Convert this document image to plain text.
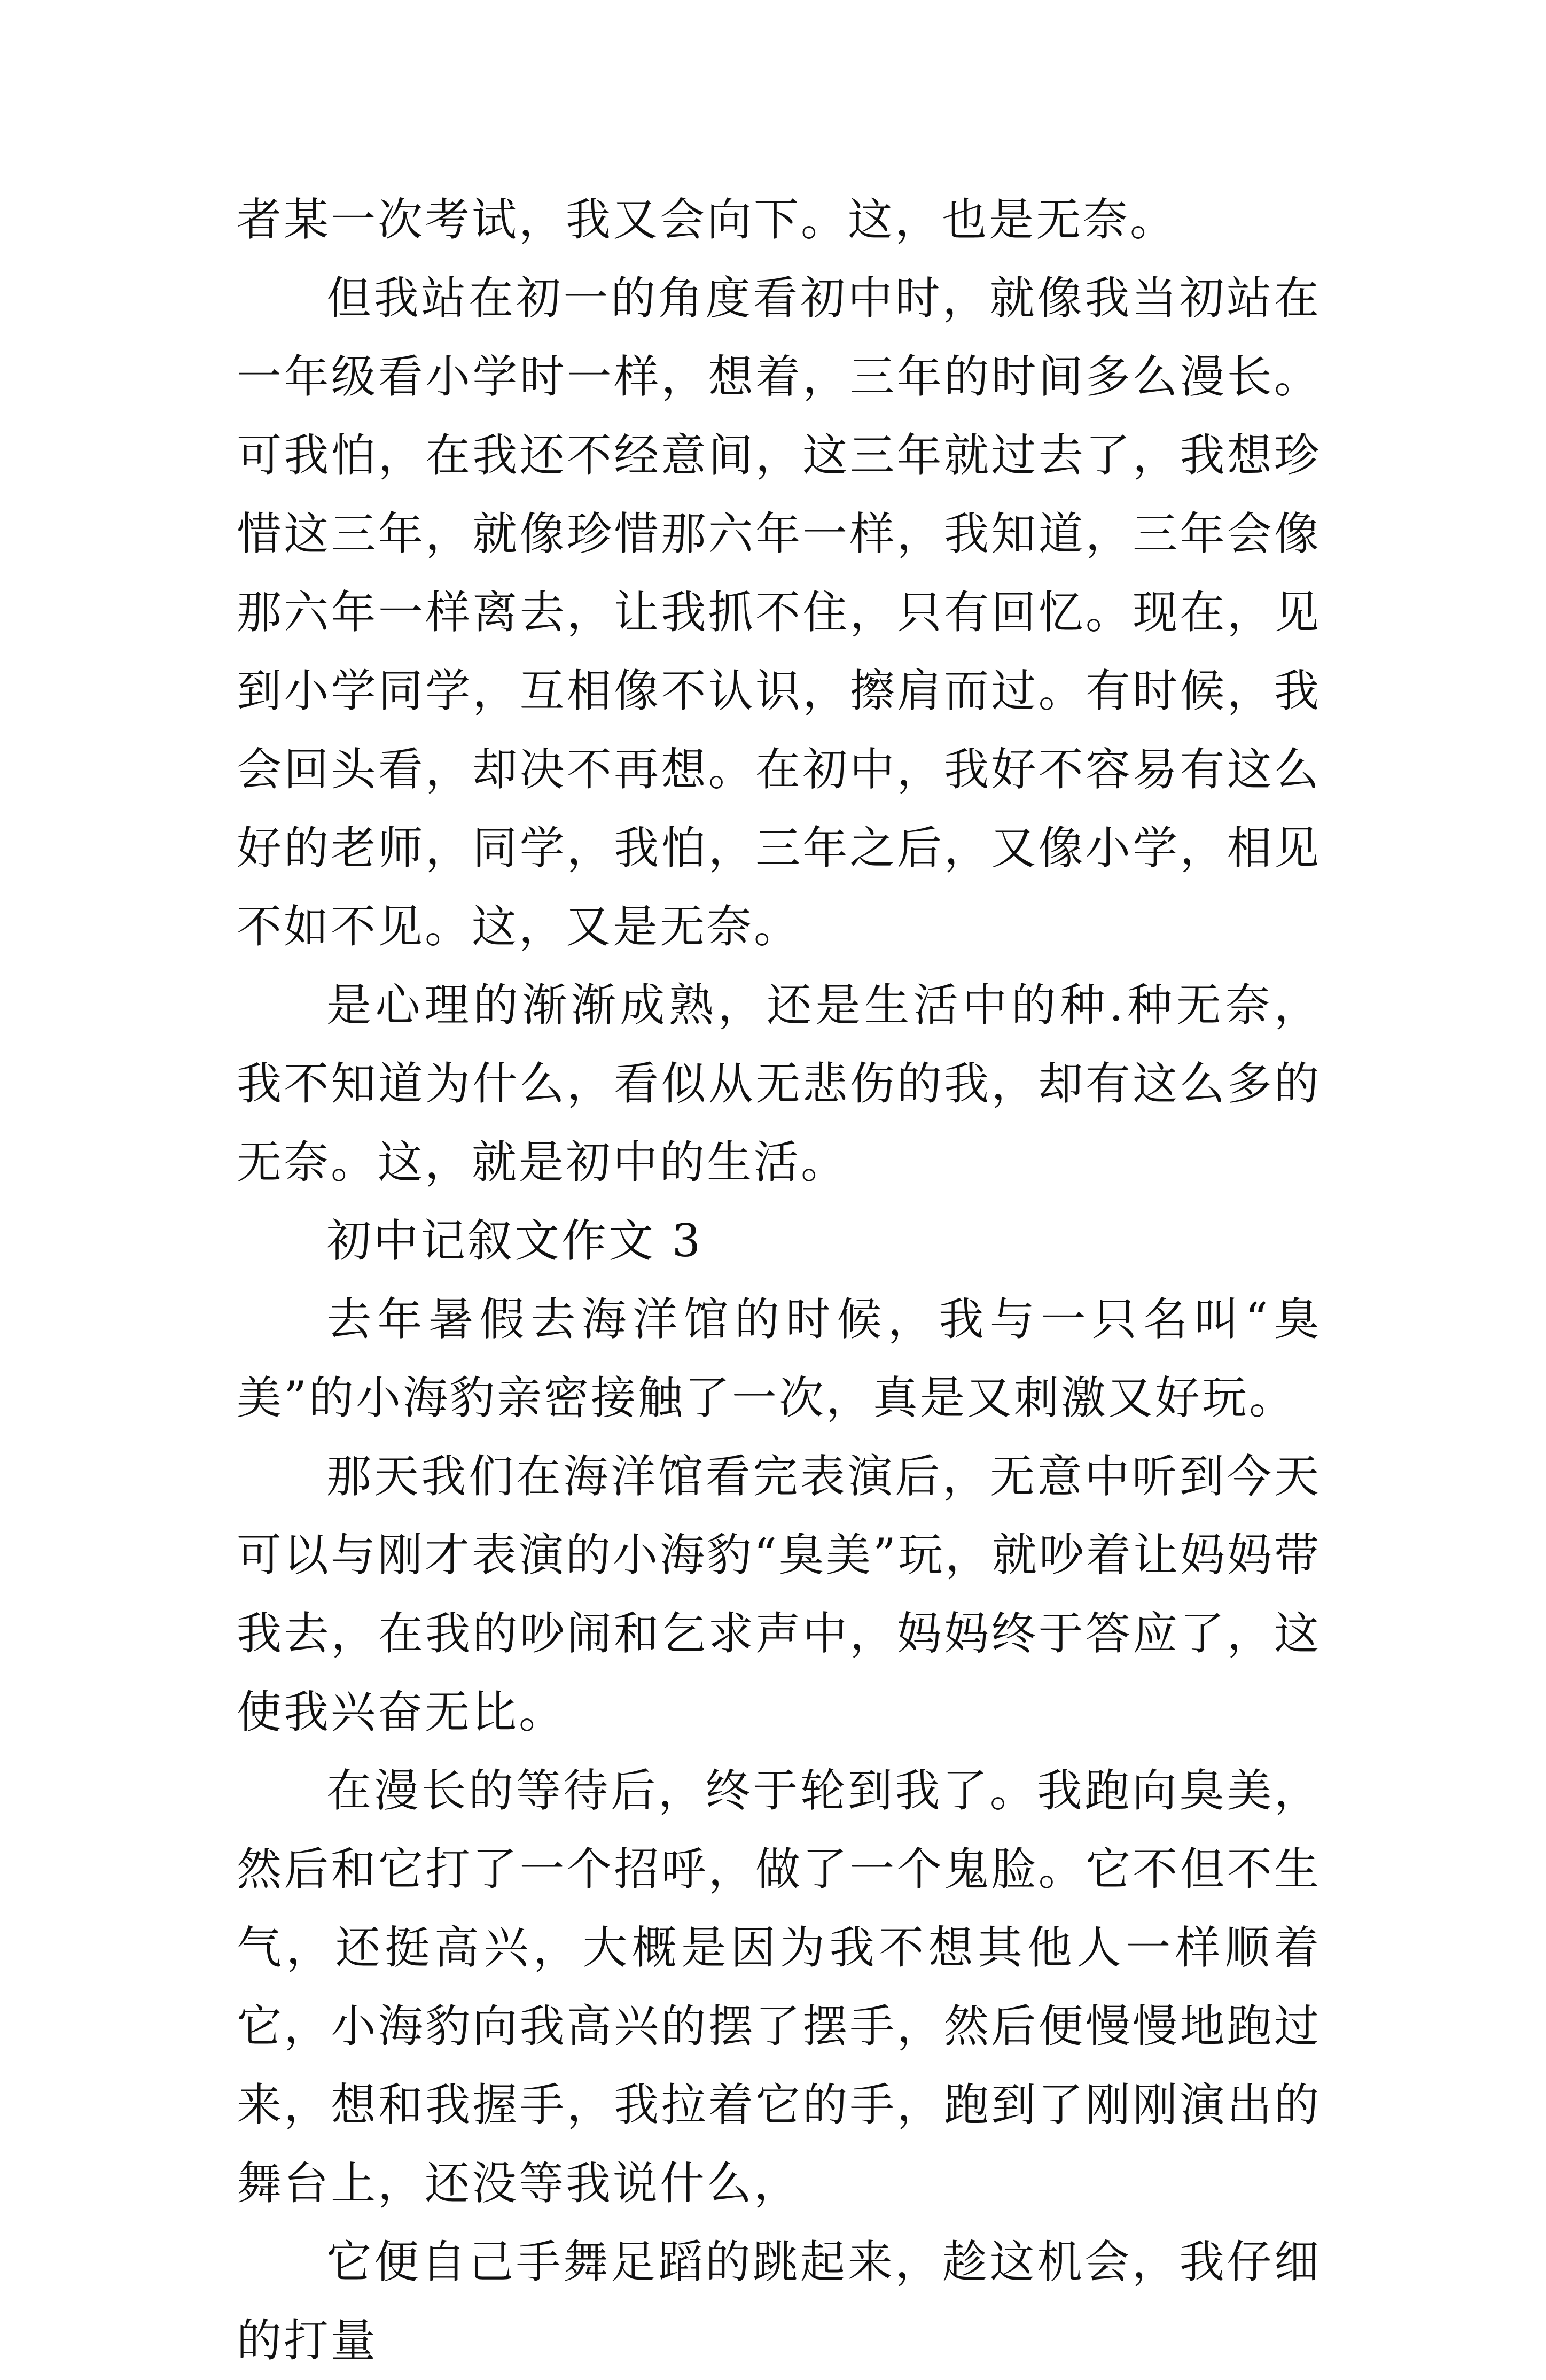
者某一次考试，我又会向下。这，也是无奈。

但我站在初一的角度看初中时，就像我当初站在一年级看小学时一样，想着，三年的时间多么漫长。可我怕，在我还不经意间，这三年就过去了，我想珍惜这三年，就像珍惜那六年一样，我知道，三年会像那六年一样离去，让我抓不住，只有回忆。现在，见到小学同学，互相像不认识，擦肩而过。有时候，我会回头看，却决不再想。在初中，我好不容易有这么好的老师，同学，我怕，三年之后，又像小学，相见不如不见。这，又是无奈。

是心理的渐渐成熟，还是生活中的种.种无奈，我不知道为什么，看似从无悲伤的我，却有这么多的无奈。这，就是初中的生活。

初中记叙文作文 3

去年暑假去海洋馆的时候，我与一只名叫“臭美”的小海豹亲密接触了一次，真是又刺激又好玩。

那天我们在海洋馆看完表演后，无意中听到今天可以与刚才表演的小海豹“臭美”玩，就吵着让妈妈带我去，在我的吵闹和乞求声中，妈妈终于答应了，这使我兴奋无比。

在漫长的等待后，终于轮到我了。我跑向臭美，然后和它打了一个招呼，做了一个鬼脸。它不但不生气，还挺高兴，大概是因为我不想其他人一样顺着它，小海豹向我高兴的摆了摆手，然后便慢慢地跑过来，想和我握手，我拉着它的手，跑到了刚刚演出的舞台上，还没等我说什么，

它便自己手舞足蹈的跳起来，趁这机会，我仔细的打量
